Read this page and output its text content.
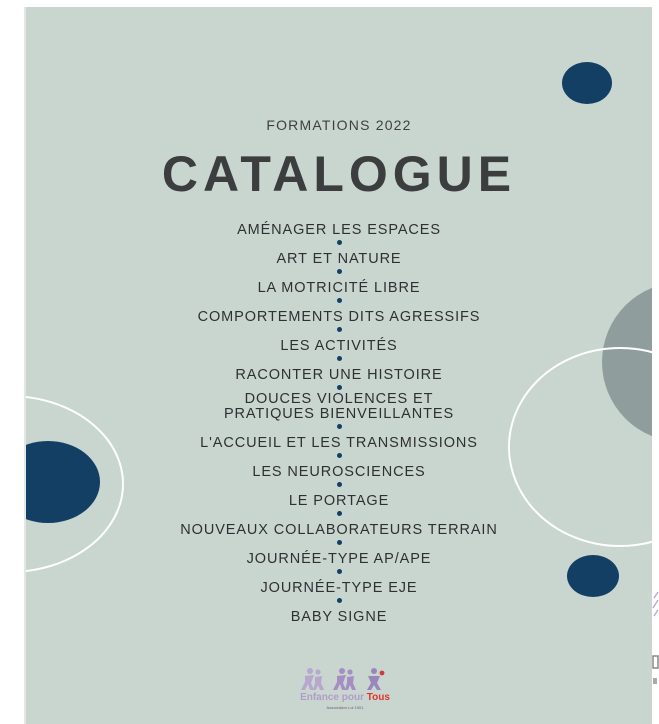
FORMATIONS 2022
CATALOGUE
AMÉNAGER LES ESPACES
ART ET NATURE
LA MOTRICITÉ LIBRE
COMPORTEMENTS DITS AGRESSIFS
LES ACTIVITÉS
RACONTER UNE HISTOIRE
DOUCES VIOLENCES ET
PRATIQUES BIENVEILLANTES
L'ACCUEIL ET LES TRANSMISSIONS
LES NEUROSCIENCES
LE PORTAGE
NOUVEAUX COLLABORATEURS TERRAIN
JOURNÉE-TYPE AP/APE
JOURNÉE-TYPE EJE
BABY SIGNE
Enfance pour Tous
Association Loi 1901
